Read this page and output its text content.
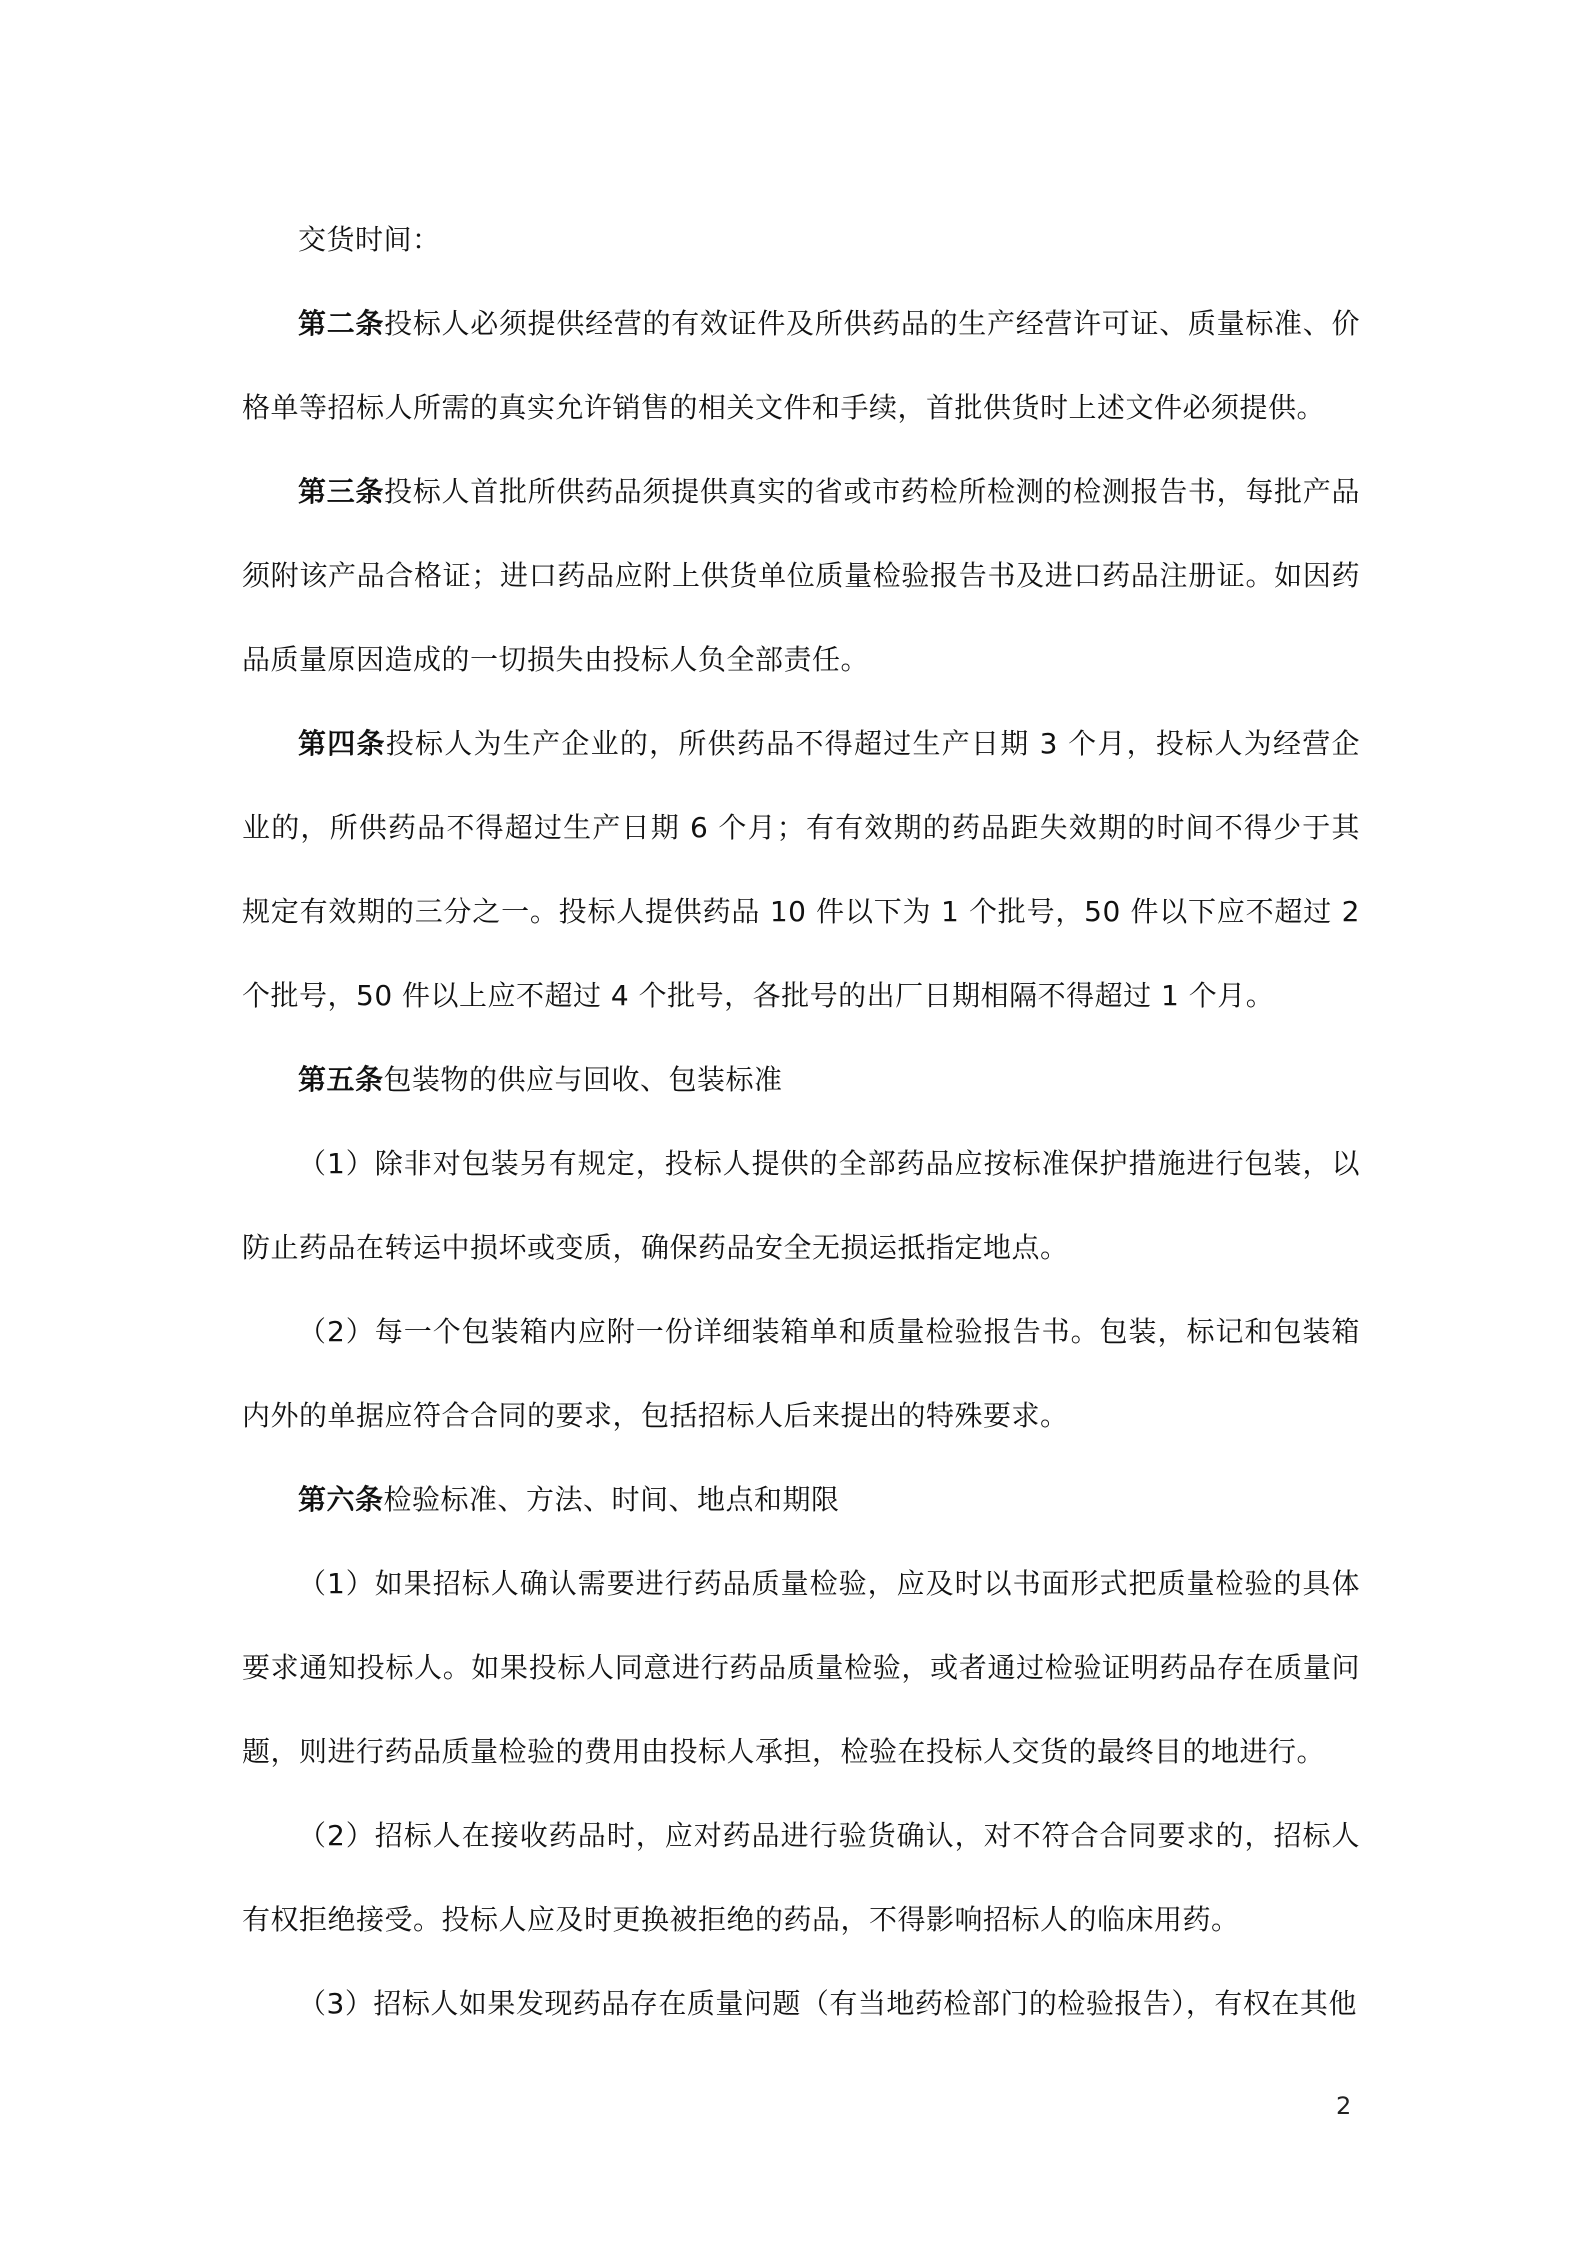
交货时间：

第二条投标人必须提供经营的有效证件及所供药品的生产经营许可证、质量标准、价格单等招标人所需的真实允许销售的相关文件和手续，首批供货时上述文件必须提供。

第三条投标人首批所供药品须提供真实的省或市药检所检测的检测报告书，每批产品须附该产品合格证；进口药品应附上供货单位质量检验报告书及进口药品注册证。如因药品质量原因造成的一切损失由投标人负全部责任。

第四条投标人为生产企业的，所供药品不得超过生产日期 3 个月，投标人为经营企业的，所供药品不得超过生产日期 6 个月；有有效期的药品距失效期的时间不得少于其规定有效期的三分之一。投标人提供药品 10 件以下为 1 个批号，50 件以下应不超过 2 个批号，50 件以上应不超过 4 个批号，各批号的出厂日期相隔不得超过 1 个月。

第五条包装物的供应与回收、包装标准

（1）除非对包装另有规定，投标人提供的全部药品应按标准保护措施进行包装，以防止药品在转运中损坏或变质，确保药品安全无损运抵指定地点。

（2）每一个包装箱内应附一份详细装箱单和质量检验报告书。包装，标记和包装箱内外的单据应符合合同的要求，包括招标人后来提出的特殊要求。

第六条检验标准、方法、时间、地点和期限

（1）如果招标人确认需要进行药品质量检验，应及时以书面形式把质量检验的具体要求通知投标人。如果投标人同意进行药品质量检验，或者通过检验证明药品存在质量问题，则进行药品质量检验的费用由投标人承担，检验在投标人交货的最终目的地进行。

（2）招标人在接收药品时，应对药品进行验货确认，对不符合合同要求的，招标人有权拒绝接受。投标人应及时更换被拒绝的药品，不得影响招标人的临床用药。

（3）招标人如果发现药品存在质量问题（有当地药检部门的检验报告），有权在其他

2
